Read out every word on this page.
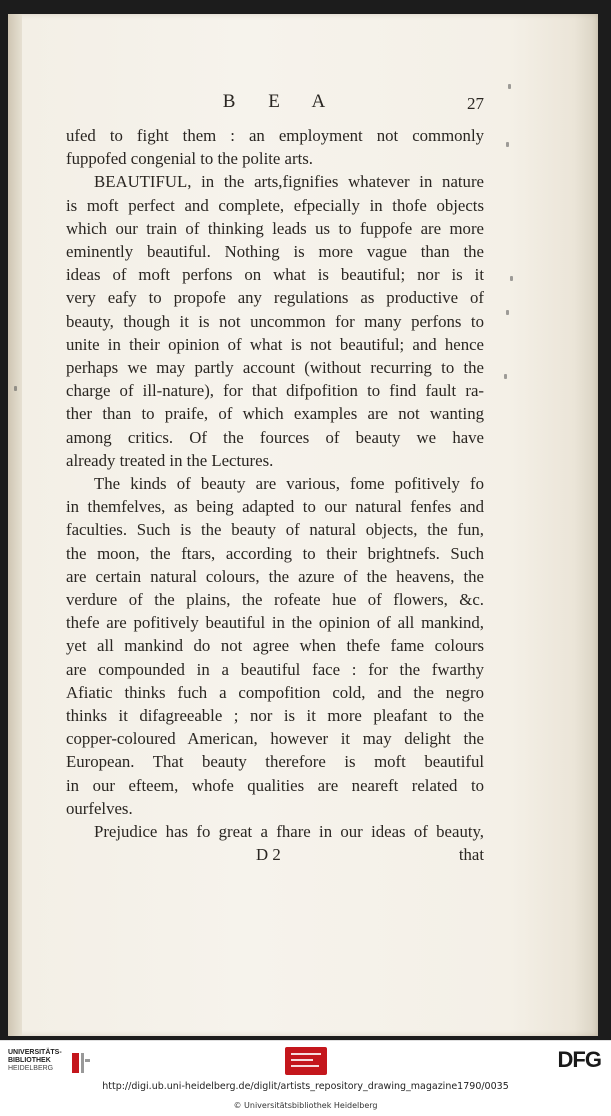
B E A	27
ufed to fight them : an employment not commonly
fuppofed congenial to the polite arts.
BEAUTIFUL, in the arts,fignifies whatever in nature
is moft perfect and complete, efpecially in thofe objects
which our train of thinking leads us to fuppofe are more
eminently beautiful. Nothing is more vague than the
ideas of moft perfons on what is beautiful; nor is it
very eafy to propofe any regulations as productive of
beauty, though it is not uncommon for many perfons to
unite in their opinion of what is not beautiful; and hence
perhaps we may partly account (without recurring to the
charge of ill-nature), for that difpofition to find fault ra-
ther than to praife, of which examples are not wanting
among critics. Of the fources of beauty we have
already treated in the Lectures.
The kinds of beauty are various, fome pofitively fo
in themfelves, as being adapted to our natural fenfes and
faculties. Such is the beauty of natural objects, the fun,
the moon, the ftars, according to their brightnefs. Such
are certain natural colours, the azure of the heavens, the
verdure of the plains, the rofeate hue of flowers, &c.
thefe are pofitively beautiful in the opinion of all mankind,
yet all mankind do not agree when thefe fame colours
are compounded in a beautiful face : for the fwarthy
Afiatic thinks fuch a compofition cold, and the negro
thinks it difagreeable ; nor is it more pleafant to the
copper-coloured American, however it may delight the
European. That beauty therefore is moft beautiful
in our efteem, whofe qualities are neareft related to
ourfelves.
Prejudice has fo great a fhare in our ideas of beauty,
D 2	that
UNIVERSITÄTS-
BIBLIOTHEK
HEIDELBERG	DFG
http://digi.ub.uni-heidelberg.de/diglit/artists_repository_drawing_magazine1790/0035
© Universitätsbibliothek Heidelberg
